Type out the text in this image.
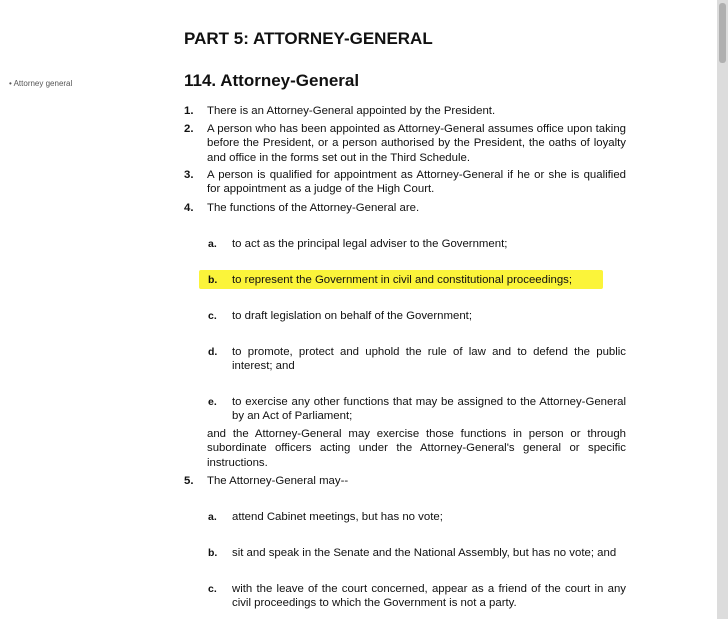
• Attorney general
PART 5: ATTORNEY-GENERAL
114. Attorney-General
1. There is an Attorney-General appointed by the President.
2. A person who has been appointed as Attorney-General assumes office upon taking before the President, or a person authorised by the President, the oaths of loyalty and office in the forms set out in the Third Schedule.
3. A person is qualified for appointment as Attorney-General if he or she is qualified for appointment as a judge of the High Court.
4. The functions of the Attorney-General are.
a. to act as the principal legal adviser to the Government;
b. to represent the Government in civil and constitutional proceedings;
c. to draft legislation on behalf of the Government;
d. to promote, protect and uphold the rule of law and to defend the public interest; and
e. to exercise any other functions that may be assigned to the Attorney-General by an Act of Parliament;
and the Attorney-General may exercise those functions in person or through subordinate officers acting under the Attorney-General's general or specific instructions.
5. The Attorney-General may--
a. attend Cabinet meetings, but has no vote;
b. sit and speak in the Senate and the National Assembly, but has no vote; and
c. with the leave of the court concerned, appear as a friend of the court in any civil proceedings to which the Government is not a party.
